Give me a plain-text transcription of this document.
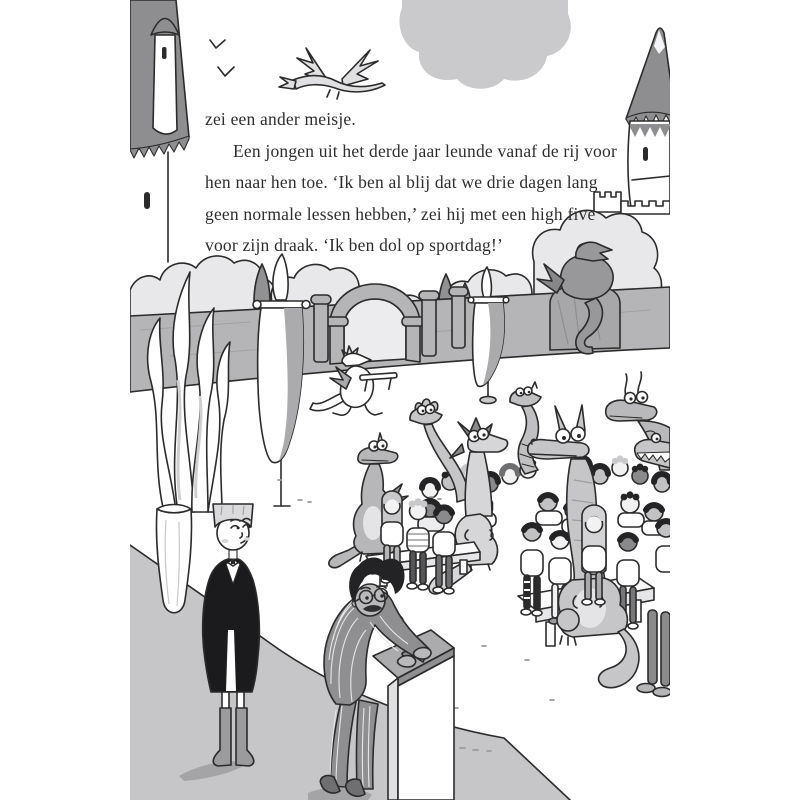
zei een ander meisje.
Een jongen uit het derde jaar leunde vanaf de rij voor
hen naar hen toe. ‘Ik ben al blij dat we drie dagen lang
geen normale lessen hebben,’ zei hij met een high five
voor zijn draak. ‘Ik ben dol op sportdag!’
